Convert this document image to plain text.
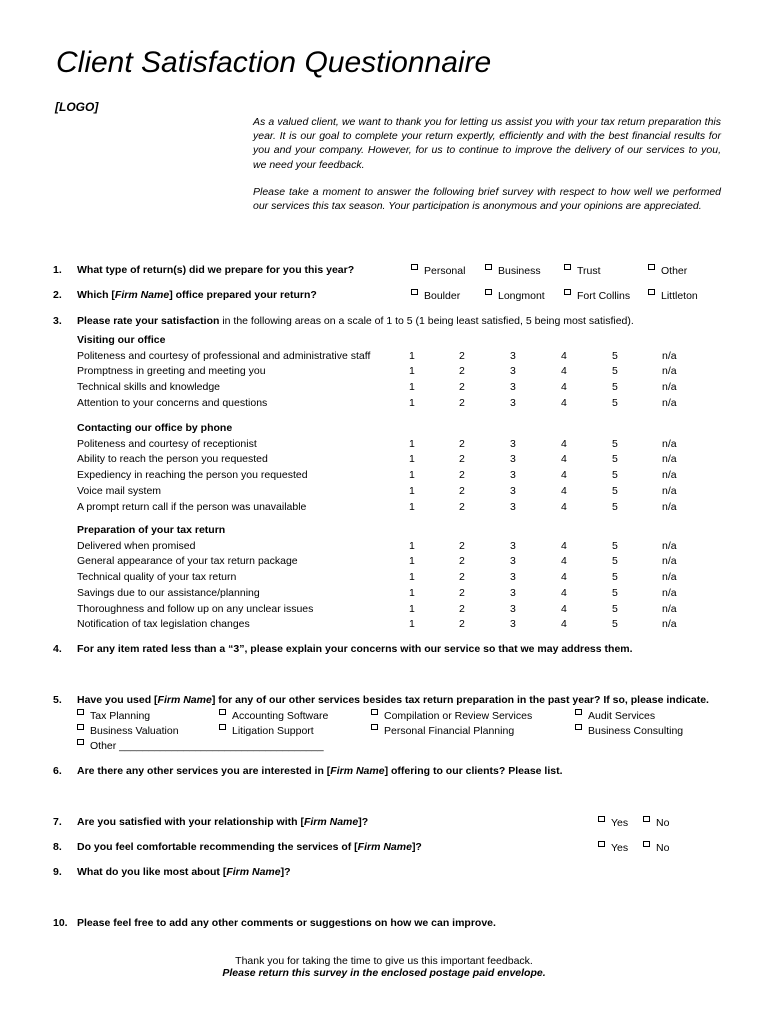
Client Satisfaction Questionnaire
[LOGO]
As a valued client, we want to thank you for letting us assist you with your tax return preparation this year. It is our goal to complete your return expertly, efficiently and with the best financial results for you and your company. However, for us to continue to improve the delivery of our services to you, we need your feedback.
Please take a moment to answer the following brief survey with respect to how well we performed our services this tax season. Your participation is anonymous and your opinions are appreciated.
1. What type of return(s) did we prepare for you this year?	Personal	Business	Trust	Other
2. Which [Firm Name] office prepared your return?	Boulder	Longmont	Fort Collins	Littleton
3. Please rate your satisfaction in the following areas on a scale of 1 to 5 (1 being least satisfied, 5 being most satisfied).
Visiting our office
Politeness and courtesy of professional and administrative staff	1	2	3	4	5	n/a
Promptness in greeting and meeting you	1	2	3	4	5	n/a
Technical skills and knowledge	1	2	3	4	5	n/a
Attention to your concerns and questions	1	2	3	4	5	n/a
Contacting our office by phone
Politeness and courtesy of receptionist	1	2	3	4	5	n/a
Ability to reach the person you requested	1	2	3	4	5	n/a
Expediency in reaching the person you requested	1	2	3	4	5	n/a
Voice mail system	1	2	3	4	5	n/a
A prompt return call if the person was unavailable	1	2	3	4	5	n/a
Preparation of your tax return
Delivered when promised	1	2	3	4	5	n/a
General appearance of your tax return package	1	2	3	4	5	n/a
Technical quality of your tax return	1	2	3	4	5	n/a
Savings due to our assistance/planning	1	2	3	4	5	n/a
Thoroughness and follow up on any unclear issues	1	2	3	4	5	n/a
Notification of tax legislation changes	1	2	3	4	5	n/a
4. For any item rated less than a “3”, please explain your concerns with our service so that we may address them.
5. Have you used [Firm Name] for any of our other services besides tax return preparation in the past year? If so, please indicate.
Tax Planning	Accounting Software	Compilation or Review Services	Audit Services
Business Valuation	Litigation Support	Personal Financial Planning	Business Consulting
Other ___________________________________
6. Are there any other services you are interested in [Firm Name] offering to our clients? Please list.
7. Are you satisfied with your relationship with [Firm Name]?	Yes	No
8. Do you feel comfortable recommending the services of [Firm Name]?	Yes	No
9. What do you like most about [Firm Name]?
10. Please feel free to add any other comments or suggestions on how we can improve.
Thank you for taking the time to give us this important feedback.
Please return this survey in the enclosed postage paid envelope.
